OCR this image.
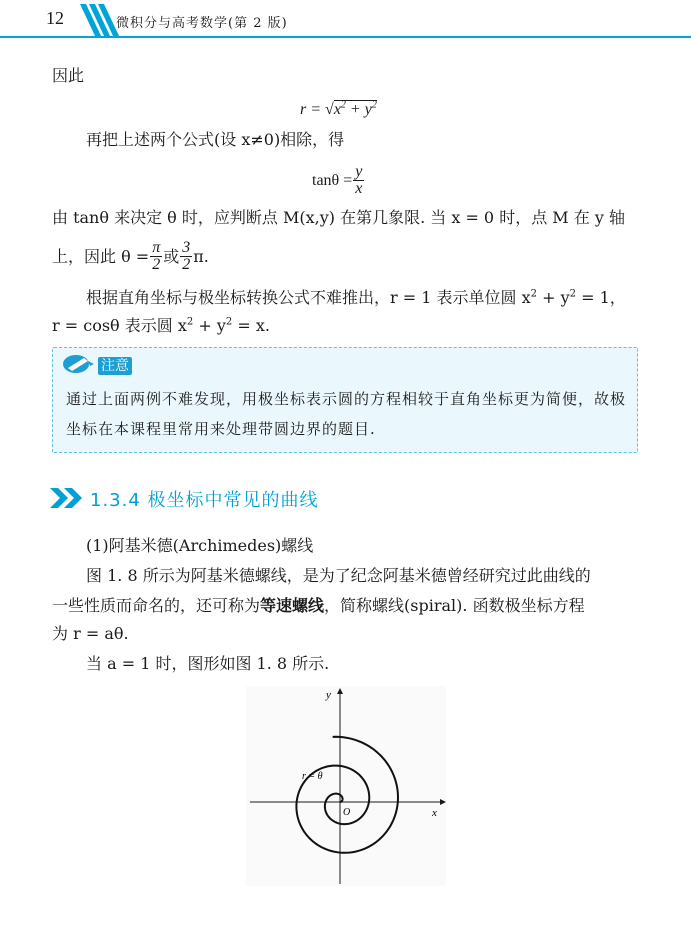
12	微积分与高考数学(第 2 版)
因此
$r = √x^2 + y^2$
再把上述两个公式(设 x≠0)相除，得
$\tan\theta = \frac{y}{x}$
由 tanθ 来决定 θ 时，应判断点 M(x,y) 在第几象限. 当 x = 0 时，点 M 在 y 轴
上，因此 $\theta = \frac{\pi}{2}$ 或 $\frac{3}{2} \pi$.
根据直角坐标与极坐标转换公式不难推出，r = 1 表示单位圆 $x^2 + y^2 = 1$，
r = cosθ 表示圆 $x^2 + y^2 = x$.
注意
通过上面两例不难发现，用极坐标表示圆的方程相较于直角坐标更为简便，故极坐标在本课程里常用来处理带圆边界的题目.
1.3.4 极坐标中常见的曲线
(1)阿基米德(Archimedes)螺线
图 1. 8 所示为阿基米德螺线，是为了纪念阿基米德曾经研究过此曲线的
一些性质而命名的，还可称为等速螺线，简称螺线(spiral). 函数极坐标方程
为 r = aθ.
当 a = 1 时，图形如图 1. 8 所示.
x
y
O
r = θ
